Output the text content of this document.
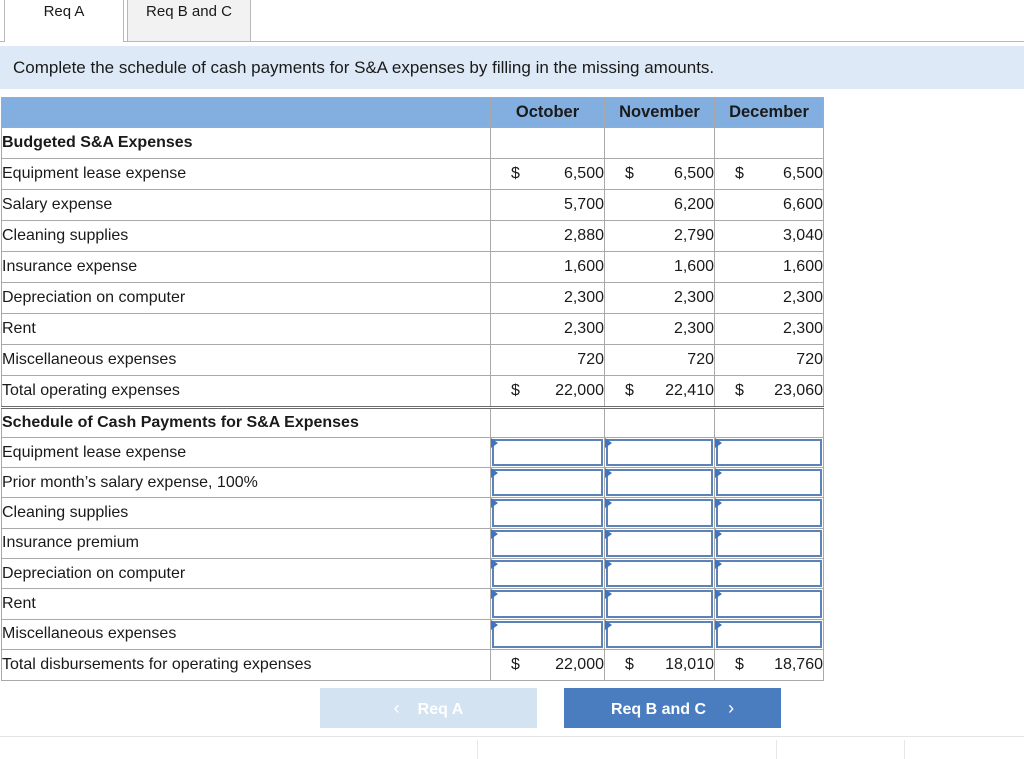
Req A	Req B and C
Complete the schedule of cash payments for S&A expenses by filling in the missing amounts.
	October	November	December
Budgeted S&A Expenses			
Equipment lease expense	$ 6,500	$ 6,500	$ 6,500
Salary expense	5,700	6,200	6,600
Cleaning supplies	2,880	2,790	3,040
Insurance expense	1,600	1,600	1,600
Depreciation on computer	2,300	2,300	2,300
Rent	2,300	2,300	2,300
Miscellaneous expenses	720	720	720
Total operating expenses	$ 22,000	$ 22,410	$ 23,060
Schedule of Cash Payments for S&A Expenses			
Equipment lease expense	

Prior month’s salary expense, 100%	

Cleaning supplies	

Insurance premium	

Depreciation on computer	

Rent	

Miscellaneous expenses	

Total disbursements for operating expenses	$ 22,000	$ 18,010	$ 18,760
‹ Req A	Req B and C ›
